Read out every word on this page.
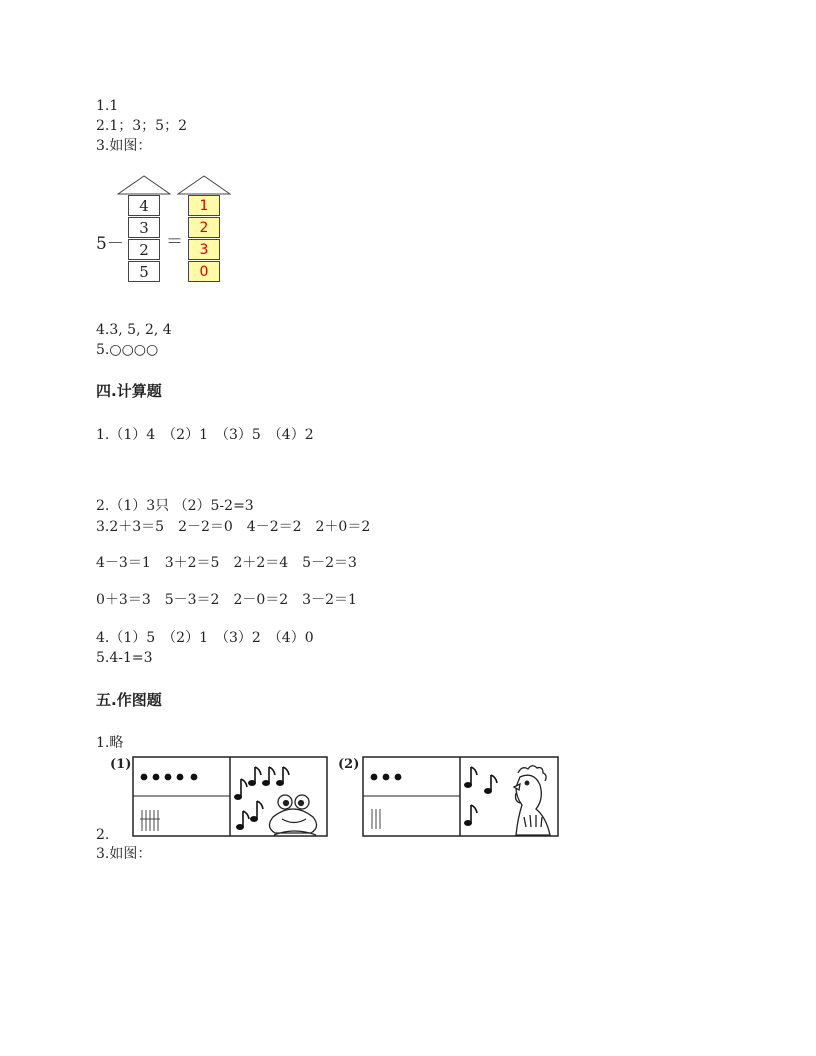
1.1
2.1；3；5；2
3.如图：
5－
4
3
2
5
＝
1
2
3
0
4.3, 5, 2, 4
5.○○○○
四.计算题
1.（1）4　（2）1　（3）5　（4）2
2.（1）3只 （2）5-2=3
3.2＋3＝5　2－2＝0　4－2＝2　2＋0＝2
4－3＝1　3＋2＝5　2＋2＝4　5－2＝3
0＋3＝3　5－3＝2　2－0＝2　3－2＝1
4.（1）5　（2）1　（3）2　（4）0
5.4-1=3
五.作图题
1.略
(1)	(2)
2.
3.如图：
